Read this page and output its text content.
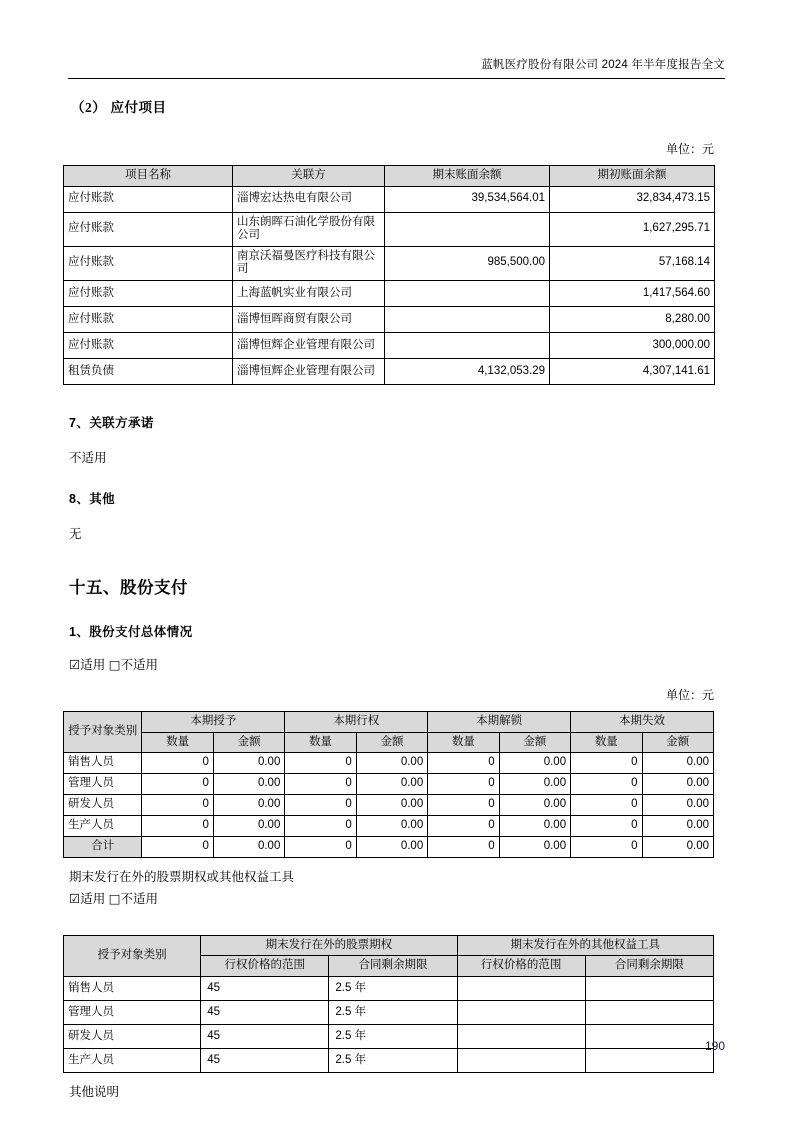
蓝帆医疗股份有限公司 2024 年半年度报告全文
（2） 应付项目

单位：元

项目名称	关联方	期末账面余额	期初账面余额
应付账款	淄博宏达热电有限公司	39,534,564.01	32,834,473.15
应付账款	山东朗晖石油化学股份有限公司		1,627,295.71
应付账款	南京沃福曼医疗科技有限公司	985,500.00	57,168.14
应付账款	上海蓝帆实业有限公司		1,417,564.60
应付账款	淄博恒晖商贸有限公司		8,280.00
应付账款	淄博恒辉企业管理有限公司		300,000.00
租赁负债	淄博恒辉企业管理有限公司	4,132,053.29	4,307,141.61
7、关联方承诺

不适用

8、其他

无

十五、股份支付
1、股份支付总体情况

☑适用 □不适用

单位：元

授予对象类别	本期授予		本期行权		本期解锁		本期失效	
	数量	金额	数量	金额	数量	金额	数量	金额
销售人员	0	0.00	0	0.00	0	0.00	0	0.00
管理人员	0	0.00	0	0.00	0	0.00	0	0.00
研发人员	0	0.00	0	0.00	0	0.00	0	0.00
生产人员	0	0.00	0	0.00	0	0.00	0	0.00
合计	0	0.00	0	0.00	0	0.00	0	0.00

期末发行在外的股票期权或其他权益工具

☑适用 □不适用

授予对象类别	期末发行在外的股票期权		期末发行在外的其他权益工具	
	行权价格的范围	合同剩余期限	行权价格的范围	合同剩余期限
销售人员	45	2.5 年		
管理人员	45	2.5 年		
研发人员	45	2.5 年		
生产人员	45	2.5 年		

其他说明

190
